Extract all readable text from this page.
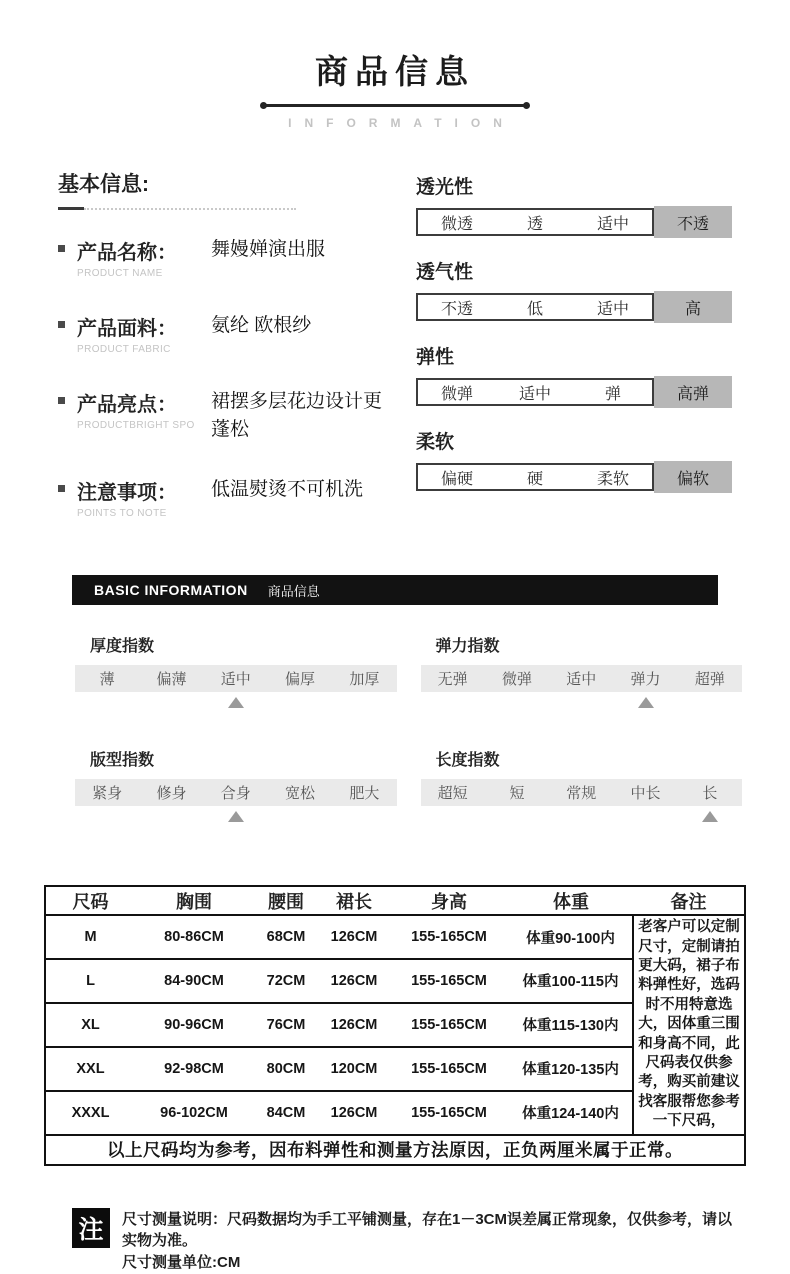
商品信息
INFORMATION
基本信息:
产品名称：
PRODUCT NAME
舞嫚婵演出服
产品面料：
PRODUCT FABRIC
氨纶 欧根纱
产品亮点：
PRODUCTBRIGHT SPO
裙摆多层花边设计更蓬松
注意事项：
POINTS TO NOTE
低温熨烫不可机洗
透光性
微透	透	适中	不透
透气性
不透	低	适中	高
弹性
微弹	适中	弹	高弹
柔软
偏硬	硬	柔软	偏软
BASIC INFORMATION 商品信息
厚度指数
薄	偏薄	适中	偏厚	加厚
弹力指数
无弹	微弹	适中	弹力	超弹
版型指数
紧身	修身	合身	宽松	肥大
长度指数
超短	短	常规	中长	长
尺码	胸围	腰围	裙长	身高	体重	备注
M	80-86CM	68CM	126CM	155-165CM	体重90-100内	老客户可以定制尺寸，定制请拍更大码，裙子布料弹性好，选码时不用特意选大，因体重三围和身高不同，此尺码表仅供参考，购买前建议找客服帮您参考一下尺码，
L	84-90CM	72CM	126CM	155-165CM	体重100-115内	
XL	90-96CM	76CM	126CM	155-165CM	体重115-130内	
XXL	92-98CM	80CM	120CM	155-165CM	体重120-135内	
XXXL	96-102CM	84CM	126CM	155-165CM	体重124-140内	
以上尺码均为参考，因布料弹性和测量方法原因，正负两厘米属于正常。						
注	尺寸测量说明：尺码数据均为手工平铺测量，存在1－3CM误差属正常现象，仅供参考，请以实物为准。
尺寸测量单位:CM
